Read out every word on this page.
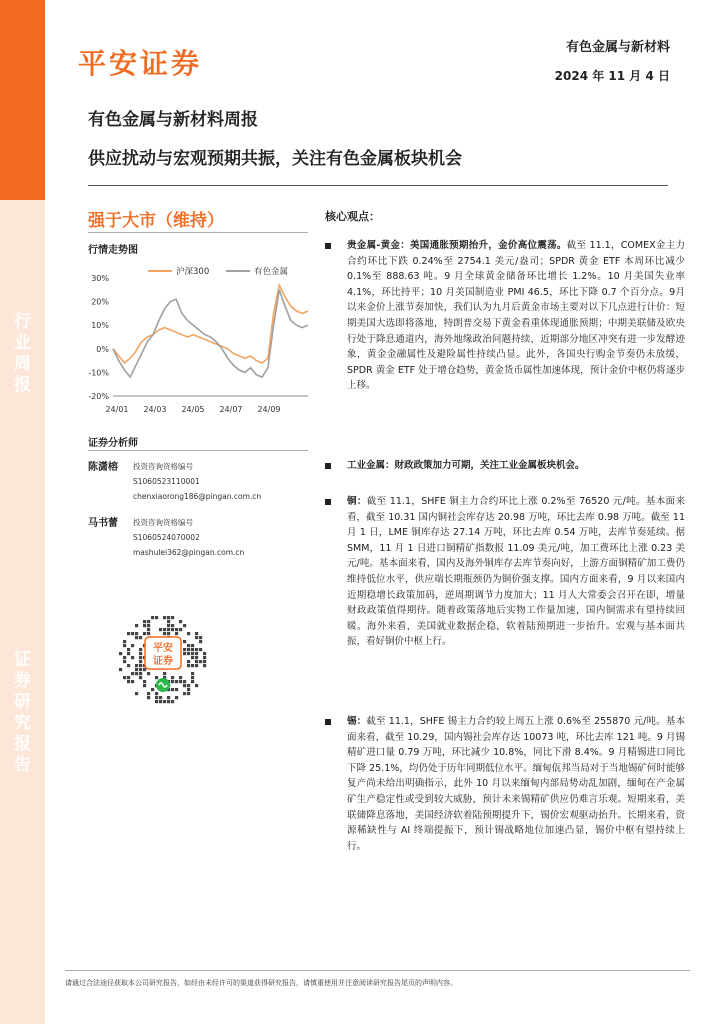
行
业
周
报
证
券
研
究
报
告
平安证券	有色金属与新材料
2024 年 11 月 4 日
有色金属与新材料周报
供应扰动与宏观预期共振，关注有色金属板块机会
强于大市（维持）
行情走势图
30%
20%
10%
0%
-10%
-20%
24/01 24/03 24/05 24/07 24/09
沪深300	有色金属
证券分析师
陈潇榕 投资咨询资格编号
S1060523110001
chenxiaorong186@pingan.com.cn
马书蕾 投资咨询资格编号
S1060524070002
mashulei362@pingan.com.cn
平安
证券
核心观点：
贵金属-黄金：美国通胀预期抬升，金价高位震荡。截至 11.1，COMEX金主力合约环比下跌 0.24%至 2754.1 美元/盎司；SPDR 黄金 ETF 本周环比减少 0.1%至 888.63 吨。9 月全球黄金储备环比增长 1.2%。10 月美国失业率 4.1%，环比持平；10 月美国制造业 PMI 46.5，环比下降 0.7 个百分点。9月以来金价上涨节奏加快，我们认为九月后黄金市场主要对以下几点进行计价：短期美国大选即将落地，特朗普交易下黄金看重体现通胀预期；中期美联储及欧央行处于降息通道内，海外地缘政治问题持续，近期部分地区冲突有进一步发酵迹象，黄金金融属性及避险属性持续凸显。此外，各国央行购金节奏仍未放缓，SPDR 黄金 ETF 处于增仓趋势，黄金货币属性加速体现，预计金价中枢仍将逐步上移。
工业金属：财政政策加力可期，关注工业金属板块机会。
铜：截至 11.1，SHFE 铜主力合约环比上涨 0.2%至 76520 元/吨。基本面来看，截至 10.31 国内铜社会库存达 20.98 万吨，环比去库 0.98 万吨。截至 11 月 1 日，LME 铜库存达 27.14 万吨，环比去库 0.54 万吨，去库节奏延续。据 SMM，11 月 1 日进口铜精矿指数报 11.09 美元/吨，加工费环比上涨 0.23 美元/吨。基本面来看，国内及海外铜库存去库节奏向好，上游方面铜精矿加工费仍维持低位水平，供应端长期瓶颈仍为铜价强支撑。国内方面来看，9 月以来国内近期稳增长政策加码，逆周期调节力度加大；11 月人大常委会召开在即，增量财政政策值得期待。随着政策落地后实物工作量加速，国内铜需求有望持续回暖。海外来看，美国就业数据企稳，软着陆预期进一步抬升。宏观与基本面共振，看好铜价中枢上行。
锡：截至 11.1，SHFE 锡主力合约较上周五上涨 0.6%至 255870 元/吨。基本面来看，截至 10.29，国内锡社会库存达 10073 吨，环比去库 121 吨。9 月锡精矿进口量 0.79 万吨，环比减少 10.8%，同比下滑 8.4%。9 月精锡进口同比下降 25.1%，均仍处于历年同期低位水平。缅甸佤邦当局对于当地锡矿何时能够复产尚未给出明确指示，此外 10 月以来缅甸内部局势动乱加剧，缅甸在产金属矿生产稳定性或受到较大威胁，预计未来锡精矿供应仍难言乐观。短期来看，美联储降息落地，美国经济软着陆预期提升下，锡价宏观驱动抬升。长期来看，资源稀缺性与 AI 终端提振下，预计锡战略地位加速凸显，锡价中枢有望持续上行。
请通过合法途径获取本公司研究报告，如经由未经许可的渠道获得研究报告，请慎重使用并注意阅读研究报告尾页的声明内容。
